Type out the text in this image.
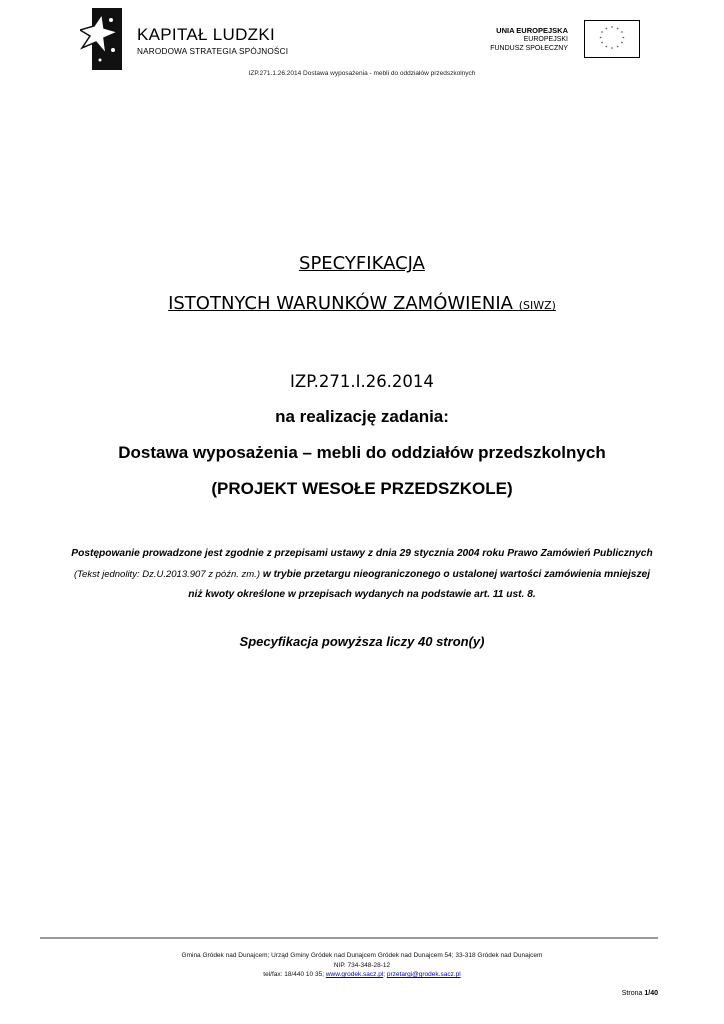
KAPITAŁ LUDZKI
NARODOWA STRATEGIA SPÓJNOŚCI
UNIA EUROPEJSKA
EUROPEJSKI
FUNDUSZ SPOŁECZNY
* *
*
*
*
*
*
*
*
*
*
*
IZP.271.1.26.2014 Dostawa wyposażenia - mebli do oddziałów przedszkolnych
SPECYFIKACJA
ISTOTNYCH WARUNKÓW ZAMÓWIENIA (SIWZ)
IZP.271.I.26.2014
na realizację zadania:
Dostawa wyposażenia – mebli do oddziałów przedszkolnych
(PROJEKT WESOŁE PRZEDSZKOLE)
Postępowanie prowadzone jest zgodnie z przepisami ustawy z dnia 29 stycznia 2004 roku Prawo Zamówień Publicznych (Tekst jednolity: Dz.U.2013.907 z późn. zm.) w trybie przetargu nieograniczonego o ustalonej wartości zamówienia mniejszej niż kwoty określone w przepisach wydanych na podstawie art. 11 ust. 8.
Specyfikacja powyższa liczy 40 stron(y)
Gmina Gródek nad Dunajcem; Urząd Gminy Gródek nad Dunajcem Gródek nad Dunajcem 54; 33-318 Gródek nad Dunajcem
NIP. 734-348-28-12
tel/fax: 18/440 10 35; www.grodek.sacz.pl; przetargi@grodek.sacz.pl
Strona 1/40
